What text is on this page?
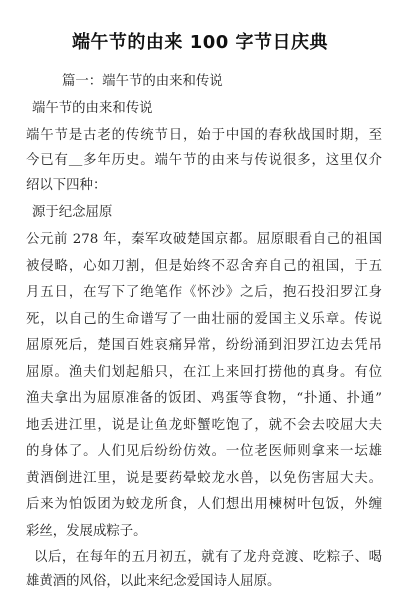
端午节的由来 100 字节日庆典
篇一：端午节的由来和传说
端午节的由来和传说
端午节是古老的传统节日，始于中国的春秋战国时期，至
今已有＿多年历史。端午节的由来与传说很多，这里仅介
绍以下四种：
源于纪念屈原
公元前 278 年，秦军攻破楚国京都。屈原眼看自己的祖国
被侵略，心如刀割，但是始终不忍舍弃自己的祖国，于五
月五日，在写下了绝笔作《怀沙》之后，抱石投汨罗江身
死，以自己的生命谱写了一曲壮丽的爱国主义乐章。传说
屈原死后，楚国百姓哀痛异常，纷纷涌到汨罗江边去凭吊
屈原。渔夫们划起船只，在江上来回打捞他的真身。有位
渔夫拿出为屈原准备的饭团、鸡蛋等食物，“扑通、扑通”
地丢进江里，说是让鱼龙虾蟹吃饱了，就不会去咬屈大夫
的身体了。人们见后纷纷仿效。一位老医师则拿来一坛雄
黄酒倒进江里，说是要药晕蛟龙水兽，以免伤害屈大夫。
后来为怕饭团为蛟龙所食，人们想出用楝树叶包饭，外缠
彩丝，发展成粽子。
以后，在每年的五月初五，就有了龙舟竞渡、吃粽子、喝
雄黄酒的风俗，以此来纪念爱国诗人屈原。
